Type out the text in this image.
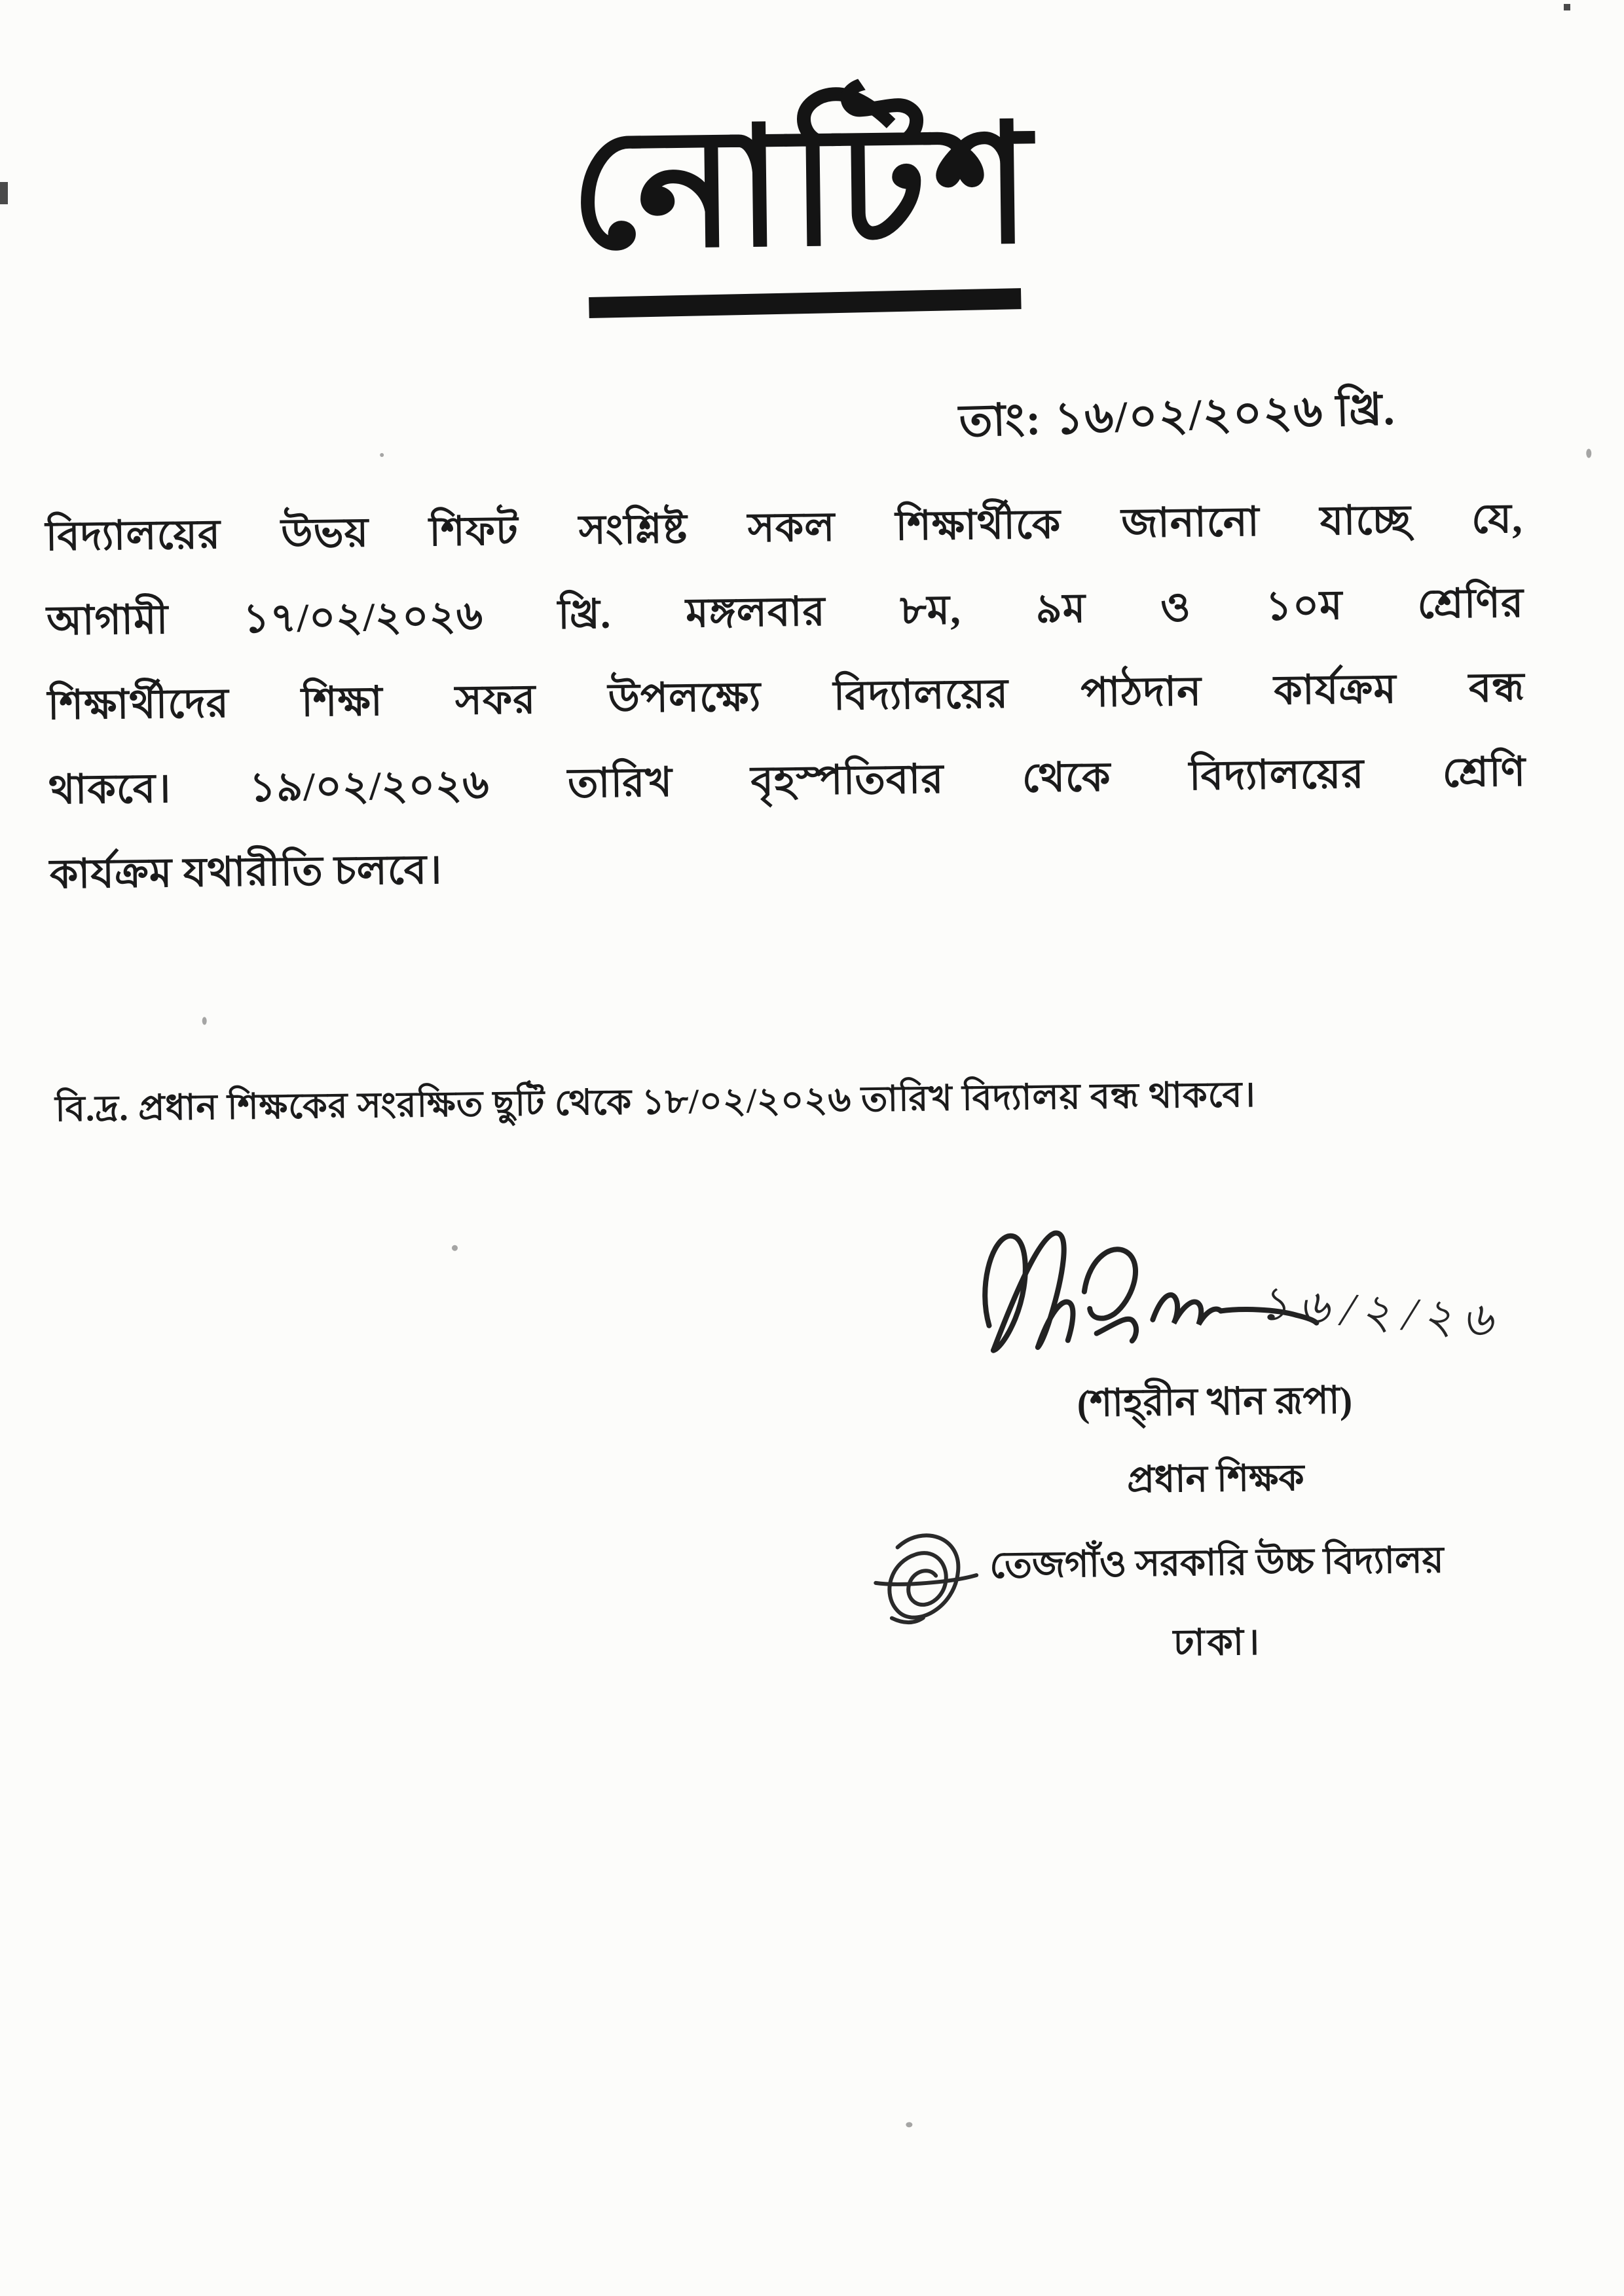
নোটিশ
তাং: ১৬/০২/২০২৬ খ্রি.
বিদ্যালয়ের উভয় শিফট সংশ্লিষ্ট সকল শিক্ষার্থীকে জানানো যাচ্ছে যে,
আগামী ১৭/০২/২০২৬ খ্রি. মঙ্গলবার ৮ম, ৯ম ও ১০ম শ্রেণির
শিক্ষার্থীদের শিক্ষা সফর উপলক্ষ্যে বিদ্যালয়ের পাঠদান কার্যক্রম বন্ধ
থাকবে। ১৯/০২/২০২৬ তারিখ বৃহস্পতিবার থেকে বিদ্যালয়ের শ্রেণি
কার্যক্রম যথারীতি চলবে।
বি.দ্র. প্রধান শিক্ষকের সংরক্ষিত ছুটি থেকে ১৮/০২/২০২৬ তারিখ বিদ্যালয় বন্ধ থাকবে।
১৬/২/২৬
(শাহ্‌রীন খান রূপা)
প্রধান শিক্ষক
তেজগাঁও সরকারি উচ্চ বিদ্যালয়
ঢাকা।
